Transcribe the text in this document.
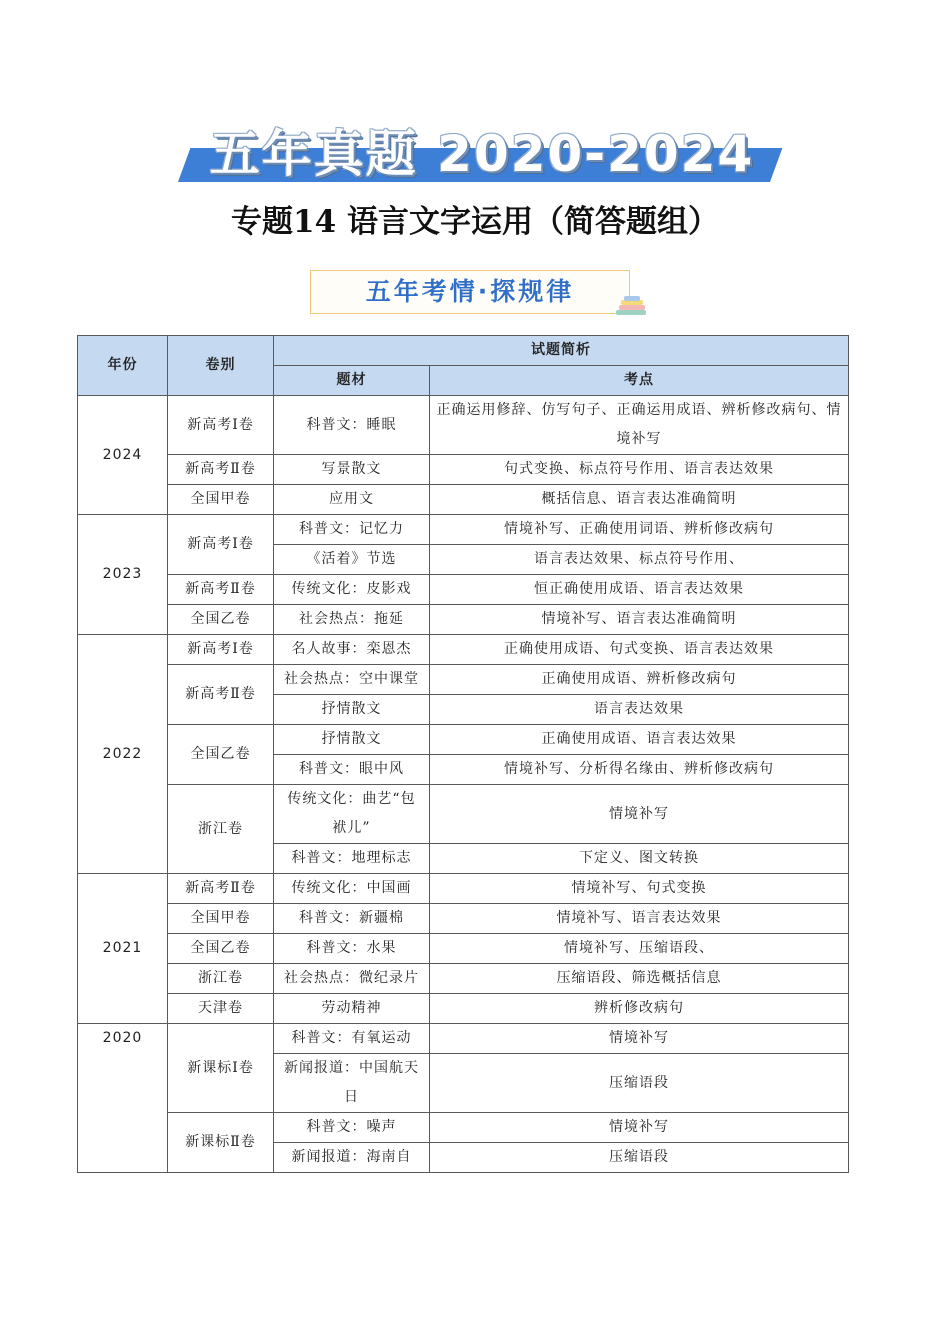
五年真题 2020-2024
专题14 语言文字运用（简答题组）
五年考情·探规律
年份	卷别	试题简析	
		题材	考点
2024	新高考Ⅰ卷	科普文：睡眠	正确运用修辞、仿写句子、正确运用成语、辨析修改病句、情境补写
	新高考Ⅱ卷	写景散文	句式变换、标点符号作用、语言表达效果
	全国甲卷	应用文	概括信息、语言表达准确简明
2023	新高考Ⅰ卷	科普文：记忆力	情境补写、正确使用词语、辨析修改病句
		《活着》节选	语言表达效果、标点符号作用、
	新高考Ⅱ卷	传统文化：皮影戏	恒正确使用成语、语言表达效果
	全国乙卷	社会热点：拖延	情境补写、语言表达准确简明
2022	新高考Ⅰ卷	名人故事：栾恩杰	正确使用成语、句式变换、语言表达效果
	新高考Ⅱ卷	社会热点：空中课堂	正确使用成语、辨析修改病句
		抒情散文	语言表达效果
	全国乙卷	抒情散文	正确使用成语、语言表达效果
		科普文：眼中风	情境补写、分析得名缘由、辨析修改病句
	浙江卷	传统文化：曲艺“包袱儿”	情境补写
		科普文：地理标志	下定义、图文转换
2021	新高考Ⅱ卷	传统文化：中国画	情境补写、句式变换
	全国甲卷	科普文：新疆棉	情境补写、语言表达效果
	全国乙卷	科普文：水果	情境补写、压缩语段、
	浙江卷	社会热点：微纪录片	压缩语段、筛选概括信息
	天津卷	劳动精神	辨析修改病句
2020	新课标Ⅰ卷	科普文：有氧运动	情境补写
		新闻报道：中国航天日	压缩语段
	新课标Ⅱ卷	科普文：噪声	情境补写
		新闻报道：海南自	压缩语段
